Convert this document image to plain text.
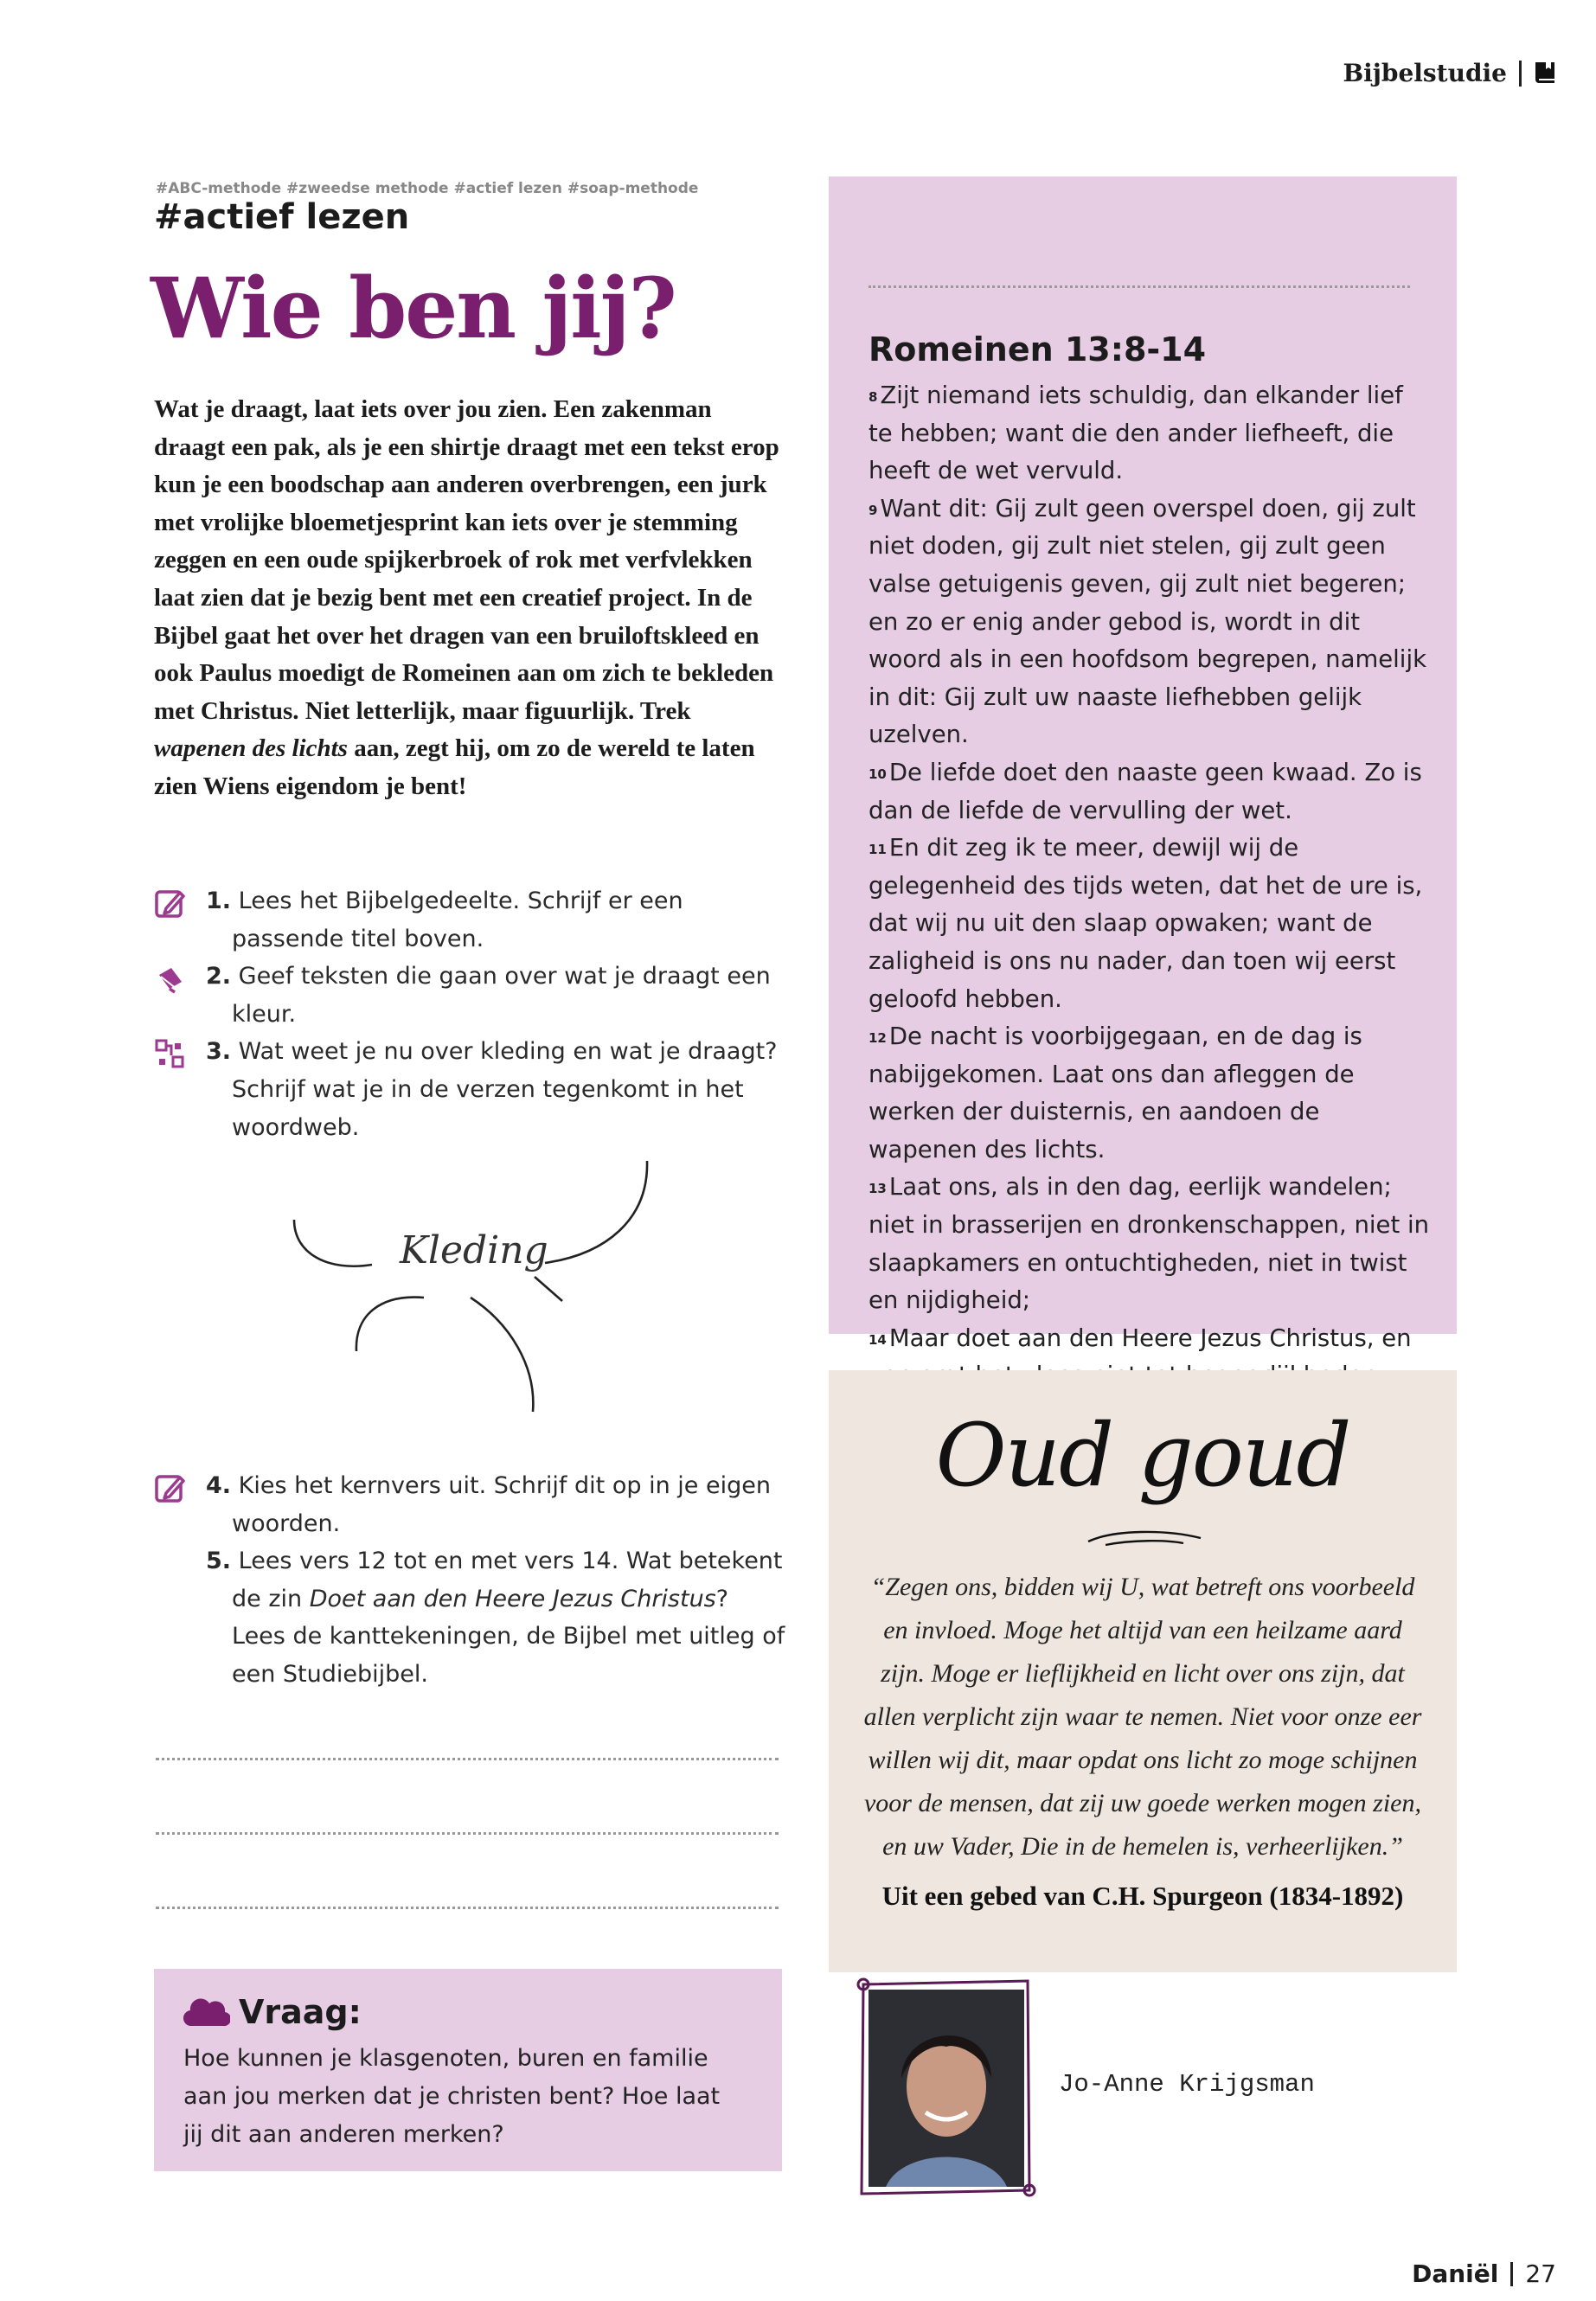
Bijbelstudie
#ABC-methode #zweedse methode #actief lezen #soap-methode
#actief lezen
Wie ben jij?
Wat je draagt, laat iets over jou zien. Een zakenman draagt een pak, als je een shirtje draagt met een tekst erop kun je een boodschap aan anderen overbrengen, een jurk met vrolijke bloemetjesprint kan iets over je stemming zeggen en een oude spijkerbroek of rok met verfvlekken laat zien dat je bezig bent met een creatief project. In de Bijbel gaat het over het dragen van een bruiloftskleed en ook Paulus moedigt de Romeinen aan om zich te bekleden met Christus. Niet letterlijk, maar figuurlijk. Trek wapenen des lichts aan, zegt hij, om zo de wereld te laten zien Wiens eigendom je bent!
1. Lees het Bijbelgedeelte. Schrijf er een passende titel boven.
2. Geef teksten die gaan over wat je draagt een kleur.
3. Wat weet je nu over kleding en wat je draagt? Schrijf wat je in de verzen tegenkomt in het woordweb.
Kleding
4. Kies het kernvers uit. Schrijf dit op in je eigen woorden.
5. Lees vers 12 tot en met vers 14. Wat betekent de zin Doet aan den Heere Jezus Christus? Lees de kanttekeningen, de Bijbel met uitleg of een Studiebijbel.
Vraag:
Hoe kunnen je klasgenoten, buren en familie aan jou merken dat je christen bent? Hoe laat jij dit aan anderen merken?
Romeinen 13:8-14
$^8$ Zijt niemand iets schuldig, dan elkander lief te hebben; want die den ander liefheeft, die heeft de wet vervuld.
$^9$ Want dit: Gij zult geen overspel doen, gij zult niet doden, gij zult niet stelen, gij zult geen valse getuigenis geven, gij zult niet begeren; en zo er enig ander gebod is, wordt in dit woord als in een hoofdsom begrepen, namelijk in dit: Gij zult uw naaste liefhebben gelijk uzelven.
$^{10}$ De liefde doet den naaste geen kwaad. Zo is dan de liefde de vervulling der wet.
$^{11}$ En dit zeg ik te meer, dewijl wij de gelegenheid des tijds weten, dat het de ure is, dat wij nu uit den slaap opwaken; want de zaligheid is ons nu nader, dan toen wij eerst geloofd hebben.
$^{12}$ De nacht is voorbijgegaan, en de dag is nabijgekomen. Laat ons dan afleggen de werken der duisternis, en aandoen de wapenen des lichts.
$^{13}$ Laat ons, als in den dag, eerlijk wandelen; niet in brasserijen en dronkenschappen, niet in slaapkamers en ontuchtigheden, niet in twist en nijdigheid;
$^{14}$ Maar doet aan den Heere Jezus Christus, en
Oud goud
“Zegen ons, bidden wij U, wat betreft ons voorbeeld en invloed. Moge het altijd van een heilzame aard zijn. Moge er lieflijkheid en licht over ons zijn, dat allen verplicht zijn waar te nemen. Niet voor onze eer willen wij dit, maar opdat ons licht zo moge schijnen voor de mensen, dat zij uw goede werken mogen zien, en uw Vader, Die in de hemelen is, verheerlijken.”
Uit een gebed van C.H. Spurgeon (1834-1892)
Jo-Anne Krijgsman
Daniël 27
